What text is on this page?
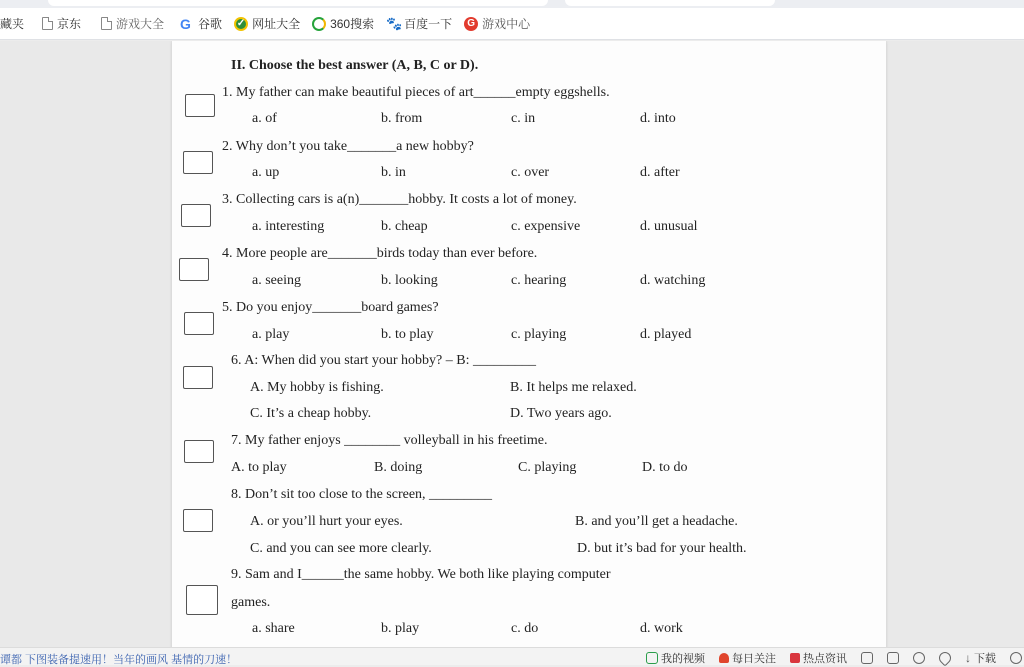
藏夹	京东	游戏大全 G 谷歌 ✓ 网址大全	360搜索 🐾 百度一下	G 游戏中心
II. Choose the best answer (A, B, C or D).
1. My father can make beautiful pieces of art______empty eggshells.
a. of	b. from	c. in	d. into
2. Why don’t you take_______a new hobby?
a. up	b. in	c. over	d. after
3. Collecting cars is a(n)_______hobby. It costs a lot of money.
a. interesting	b. cheap	c. expensive	d. unusual
4. More people are_______birds today than ever before.
a. seeing	b. looking	c. hearing	d. watching
5. Do you enjoy_______board games?
a. play	b. to play	c. playing	d. played
6. A: When did you start your hobby? – B: _________
A. My hobby is fishing.	B. It helps me relaxed.
C. It’s a cheap hobby.	D. Two years ago.
7. My father enjoys ________ volleyball in his freetime.
A. to play	B. doing	C. playing	D. to do
8. Don’t sit too close to the screen, _________
A. or you’ll hurt your eyes.	B. and you’ll get a headache.
C. and you can see more clearly.	D. but it’s bad for your health.
9. Sam and I______the same hobby. We both like playing computer
games.
a. share	b. play	c. do	d. work
谭都 下图装备提速用！当年的画风 基情的刀速！	我的视频 每日关注 热点资讯	↓ 下载
